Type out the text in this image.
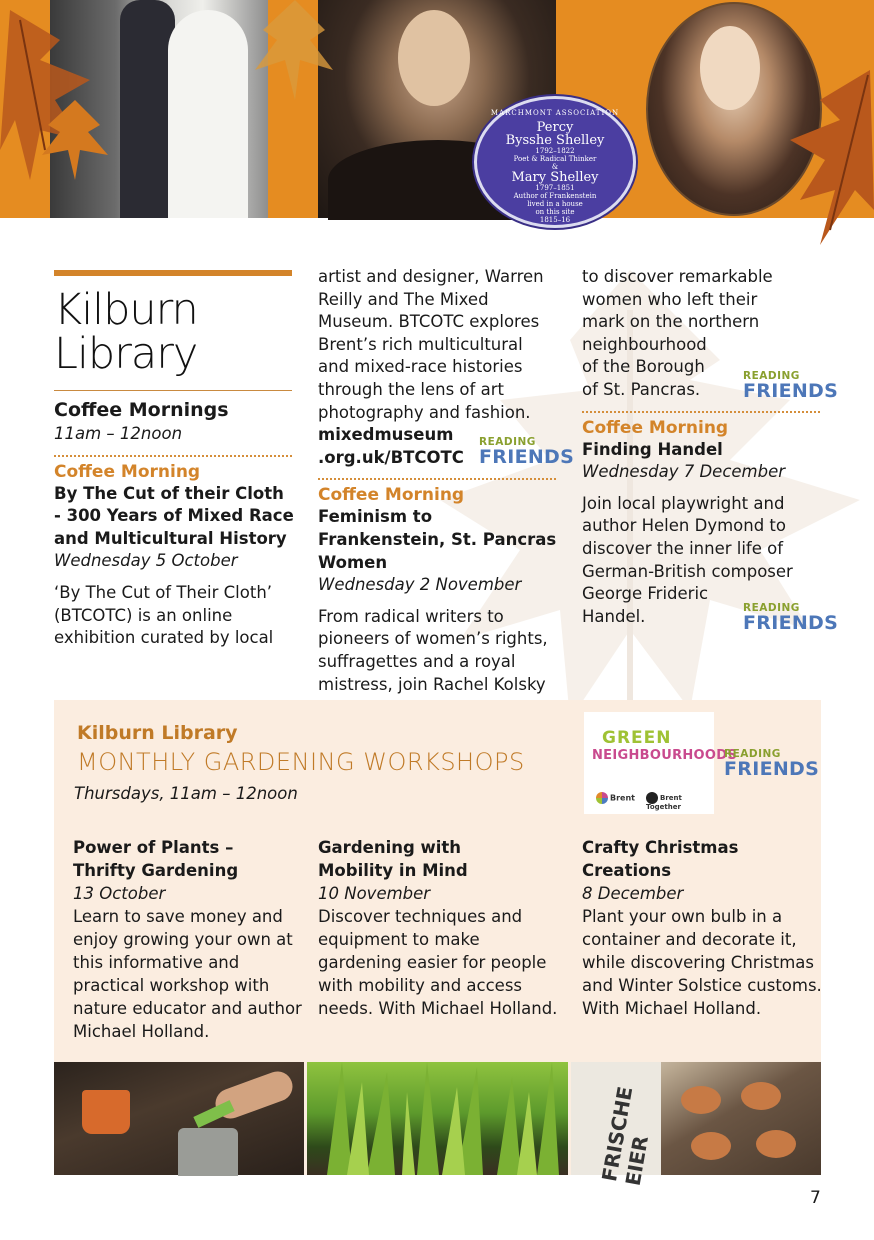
MARCHMONT ASSOCIATION
Percy
Bysshe Shelley
1792–1822
Poet & Radical Thinker
&
Mary Shelley
1797–1851
Author of Frankenstein
lived in a house
on this site
1815–16
Kilburn
Library
Coffee Mornings
11am – 12noon
Coffee Morning
By The Cut of their Cloth - 300 Years of Mixed Race and Multicultural History
Wednesday 5 October
‘By The Cut of Their Cloth’ (BTCOTC) is an online exhibition curated by local
artist and designer, Warren Reilly and The Mixed Museum. BTCOTC explores Brent’s rich multicultural and mixed-race histories through the lens of art photography and fashion.
mixedmuseum
.org.uk/BTCOTC
Coffee Morning
Feminism to Frankenstein, St. Pancras Women
Wednesday 2 November
From radical writers to pioneers of women’s rights, suffragettes and a royal mistress, join Rachel Kolsky
to discover remarkable
women who left their
mark on the northern
neighbourhood
of the Borough
of St. Pancras.
Coffee Morning
Finding Handel
Wednesday 7 December
Join local playwright and
author Helen Dymond to
discover the inner life of
German-British composer
George Frideric
Handel.
READING
FRIENDS
READING
FRIENDS
READING
FRIENDS
Kilburn Library
MONTHLY GARDENING WORKSHOPS
Thursdays, 11am – 12noon
GREEN
NEIGHBOURHOODS
Brent	Brent Together
READING
FRIENDS
Power of Plants –
Thrifty Gardening
13 October
Learn to save money and enjoy growing your own at this informative and practical workshop with nature educator and author Michael Holland.
Gardening with
Mobility in Mind
10 November
Discover techniques and equipment to make gardening easier for people with mobility and access needs. With Michael Holland.
Crafty Christmas
Creations
8 December
Plant your own bulb in a container and decorate it, while discovering Christmas and Winter Solstice customs. With Michael Holland.
FRISCHE EIER
7
